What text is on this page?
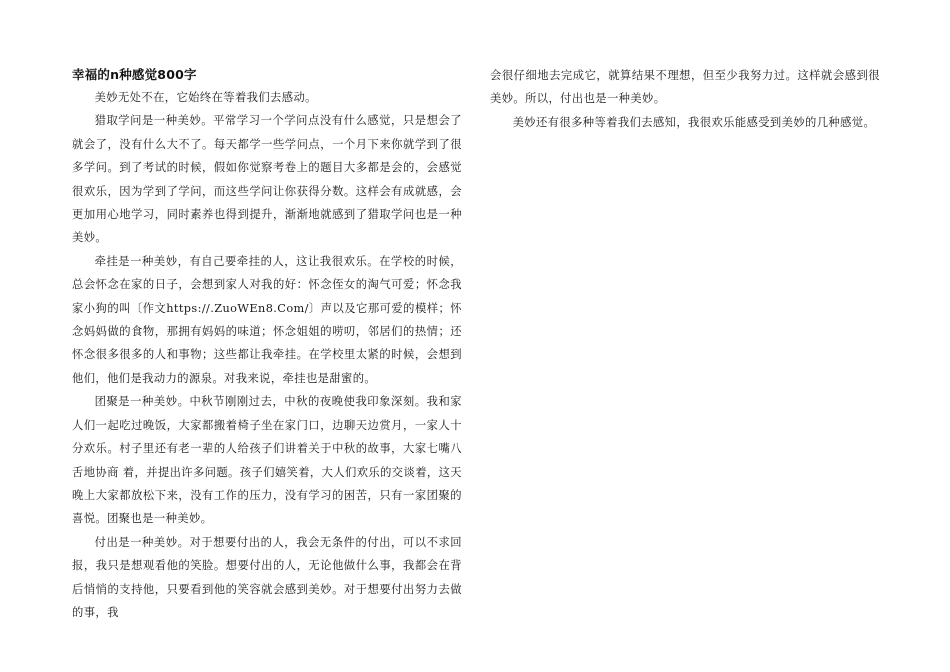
幸福的n种感觉800字

美妙无处不在，它始终在等着我们去感动。

猎取学问是一种美妙。平常学习一个学问点没有什么感觉，只是想会了就会了，没有什么大不了。每天都学一些学问点，一个月下来你就学到了很多学问。到了考试的时候，假如你觉察考卷上的题目大多都是会的，会感觉很欢乐，因为学到了学问，而这些学问让你获得分数。这样会有成就感，会更加用心地学习，同时素养也得到提升，渐渐地就感到了猎取学问也是一种美妙。

牵挂是一种美妙，有自己要牵挂的人，这让我很欢乐。在学校的时候，总会怀念在家的日子，会想到家人对我的好：怀念侄女的淘气可爱；怀念我家小狗的叫〔作文https://.ZuoWEn8.Com/〕声以及它那可爱的模样；怀念妈妈做的食物，那拥有妈妈的味道；怀念姐姐的唠叨，邻居们的热情；还怀念很多很多的人和事物；这些都让我牵挂。在学校里太紧的时候，会想到他们，他们是我动力的源泉。对我来说，牵挂也是甜蜜的。

团聚是一种美妙。中秋节刚刚过去，中秋的夜晚使我印象深刻。我和家人们一起吃过晚饭，大家都搬着椅子坐在家门口，边聊天边赏月，一家人十分欢乐。村子里还有老一辈的人给孩子们讲着关于中秋的故事，大家七嘴八舌地协商 着，并提出许多问题。孩子们嬉笑着，大人们欢乐的交谈着，这天晚上大家都放松下来，没有工作的压力，没有学习的困苦，只有一家团聚的喜悦。团聚也是一种美妙。

付出是一种美妙。对于想要付出的人，我会无条件的付出，可以不求回报，我只是想观看他的笑脸。想要付出的人，无论他做什么事，我都会在背后悄悄的支持他，只要看到他的笑容就会感到美妙。对于想要付出努力去做的事，我

会很仔细地去完成它，就算结果不理想，但至少我努力过。这样就会感到很美妙。所以，付出也是一种美妙。

美妙还有很多种等着我们去感知，我很欢乐能感受到美妙的几种感觉。
